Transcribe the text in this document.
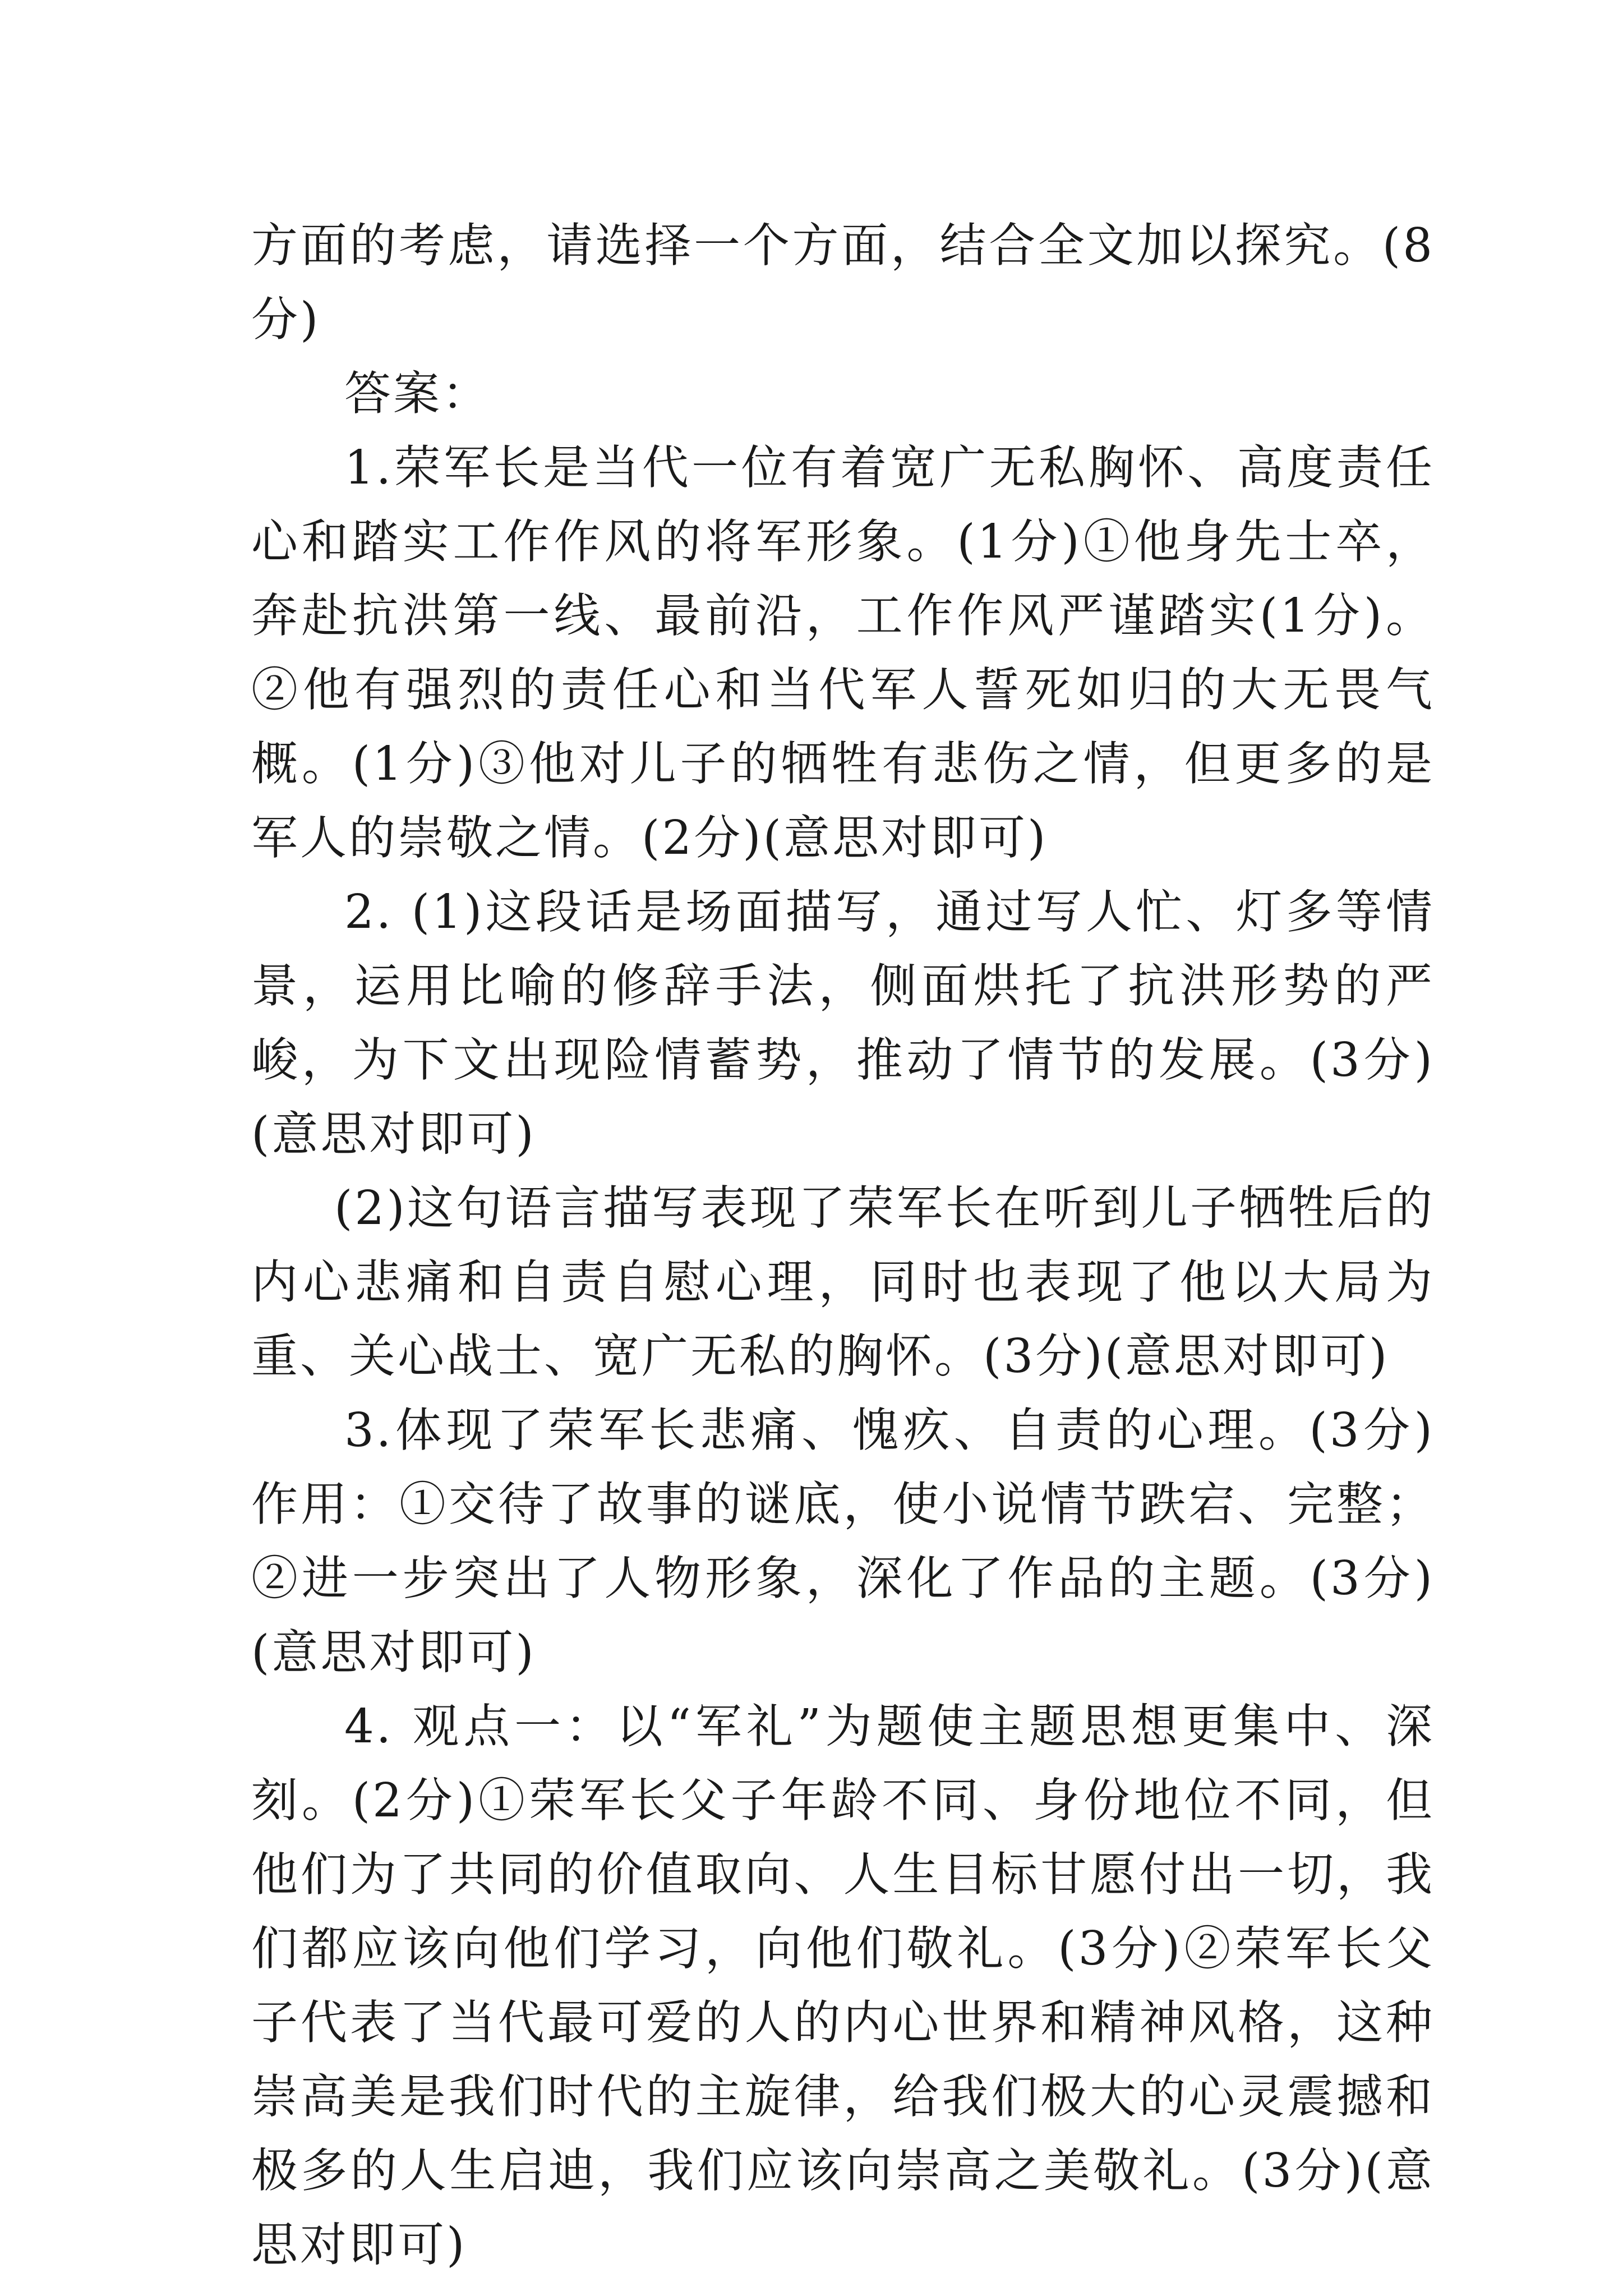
方面的考虑，请选择一个方面，结合全文加以探究。(8分)

答案：

1.荣军长是当代一位有着宽广无私胸怀、高度责任心和踏实工作作风的将军形象。(1分)①他身先士卒，奔赴抗洪第一线、最前沿，工作作风严谨踏实(1分)。②他有强烈的责任心和当代军人誓死如归的大无畏气概。(1分)③他对儿子的牺牲有悲伤之情，但更多的是军人的崇敬之情。(2分)(意思对即可)

2. (1)这段话是场面描写，通过写人忙、灯多等情景，运用比喻的修辞手法，侧面烘托了抗洪形势的严峻，为下文出现险情蓄势，推动了情节的发展。(3分)(意思对即可)

(2)这句语言描写表现了荣军长在听到儿子牺牲后的内心悲痛和自责自慰心理，同时也表现了他以大局为重、关心战士、宽广无私的胸怀。(3分)(意思对即可)

3.体现了荣军长悲痛、愧疚、自责的心理。(3分)作用：①交待了故事的谜底，使小说情节跌宕、完整；②进一步突出了人物形象，深化了作品的主题。(3分)(意思对即可)

4. 观点一：以“军礼”为题使主题思想更集中、深刻。(2分)①荣军长父子年龄不同、身份地位不同，但他们为了共同的价值取向、人生目标甘愿付出一切，我们都应该向他们学习，向他们敬礼。(3分)②荣军长父子代表了当代最可爱的人的内心世界和精神风格，这种崇高美是我们时代的主旋律，给我们极大的心灵震撼和极多的人生启迪，我们应该向崇高之美敬礼。(3分)(意思对即可)
